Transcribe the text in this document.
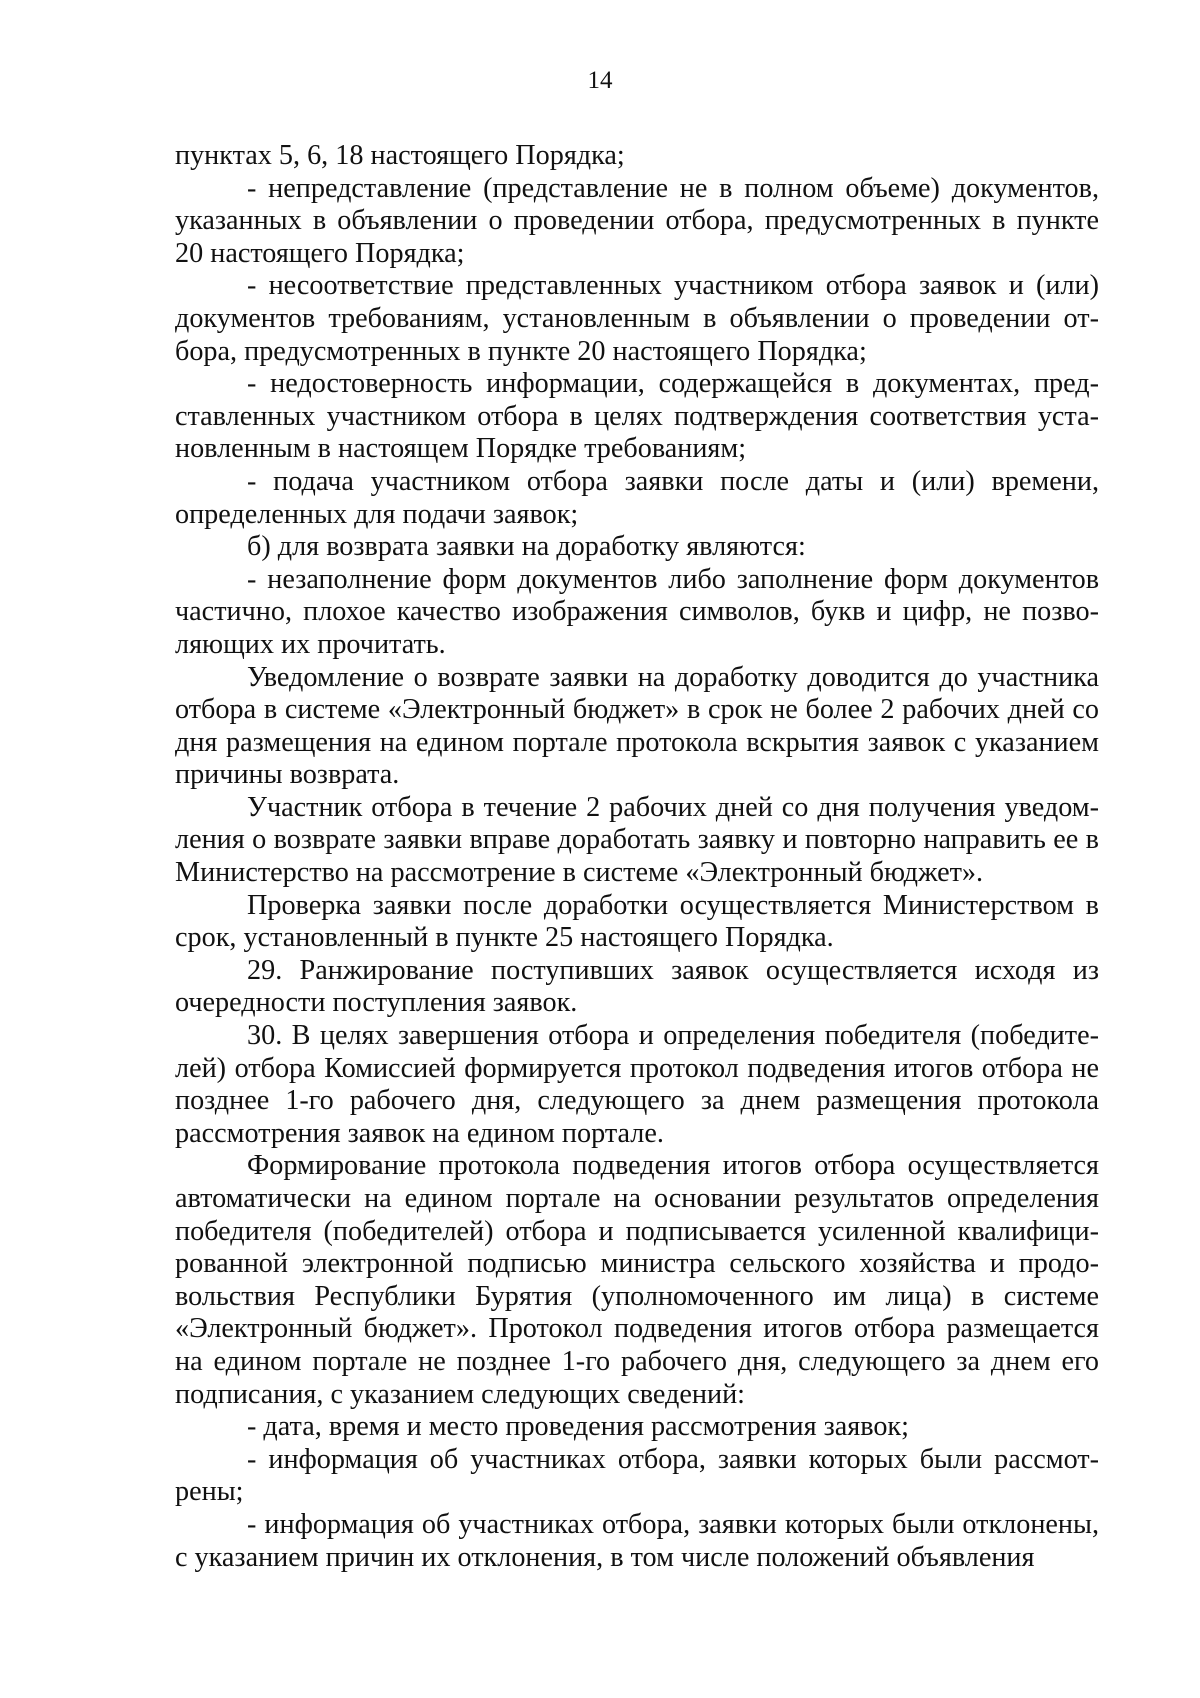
14

пунктах 5, 6, 18 настоящего Порядка;

- непредставление (представление не в полном объеме) документов, указанных в объявлении о проведении отбора, предусмотренных в пункте 20 настоящего Порядка;

- несоответствие представленных участником отбора заявок и (или) документов требованиям, установленным в объявлении о проведении отбора, предусмотренных в пункте 20 настоящего Порядка;

- недостоверность информации, содержащейся в документах, представленных участником отбора в целях подтверждения соответствия установленным в настоящем Порядке требованиям;

- подача участником отбора заявки после даты и (или) времени, определенных для подачи заявок;

б) для возврата заявки на доработку являются:

- незаполнение форм документов либо заполнение форм документов частично, плохое качество изображения символов, букв и цифр, не позволяющих их прочитать.

Уведомление о возврате заявки на доработку доводится до участника отбора в системе «Электронный бюджет» в срок не более 2 рабочих дней со дня размещения на едином портале протокола вскрытия заявок с указанием причины возврата.

Участник отбора в течение 2 рабочих дней со дня получения уведомления о возврате заявки вправе доработать заявку и повторно направить ее в Министерство на рассмотрение в системе «Электронный бюджет».

Проверка заявки после доработки осуществляется Министерством в срок, установленный в пункте 25 настоящего Порядка.

29. Ранжирование поступивших заявок осуществляется исходя из очередности поступления заявок.

30. В целях завершения отбора и определения победителя (победителей) отбора Комиссией формируется протокол подведения итогов отбора не позднее 1-го рабочего дня, следующего за днем размещения протокола рассмотрения заявок на едином портале.

Формирование протокола подведения итогов отбора осуществляется автоматически на едином портале на основании результатов определения победителя (победителей) отбора и подписывается усиленной квалифицированной электронной подписью министра сельского хозяйства и продовольствия Республики Бурятия (уполномоченного им лица) в системе «Электронный бюджет». Протокол подведения итогов отбора размещается на едином портале не позднее 1-го рабочего дня, следующего за днем его подписания, с указанием следующих сведений:

- дата, время и место проведения рассмотрения заявок;

- информация об участниках отбора, заявки которых были рассмотрены;

- информация об участниках отбора, заявки которых были отклонены, с указанием причин их отклонения, в том числе положений объявления
